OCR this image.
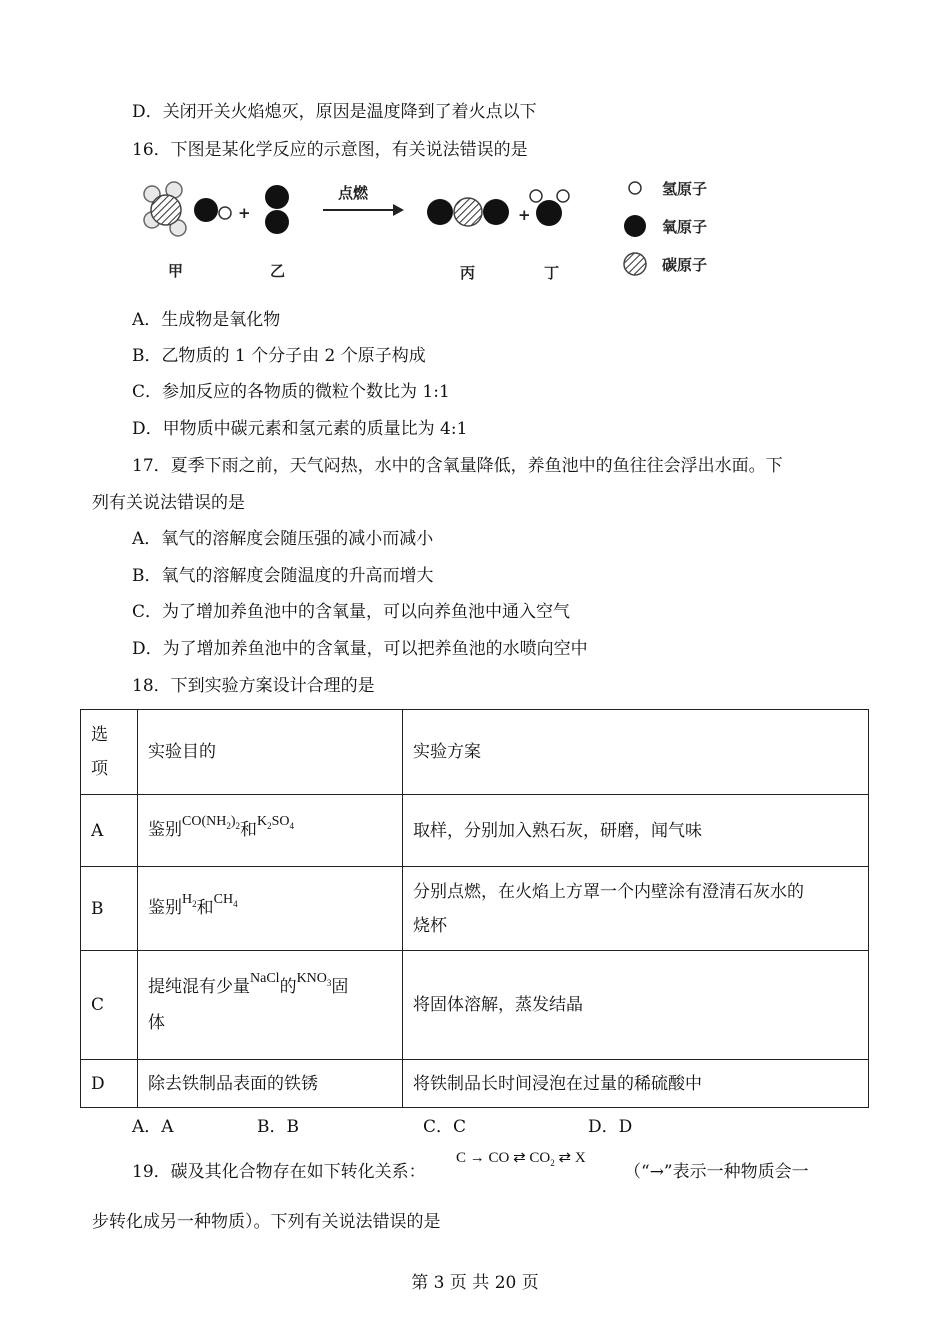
D．关闭开关火焰熄灭，原因是温度降到了着火点以下
16．下图是某化学反应的示意图，有关说法错误的是
+
点燃
+
氢原子
氧原子
碳原子
甲	乙	丙	丁
A．生成物是氧化物
B．乙物质的 1 个分子由 2 个原子构成
C．参加反应的各物质的微粒个数比为 1:1
D．甲物质中碳元素和氢元素的质量比为 4:1
17．夏季下雨之前，天气闷热，水中的含氧量降低，养鱼池中的鱼往往会浮出水面。下
列有关说法错误的是
A．氧气的溶解度会随压强的减小而减小
B．氧气的溶解度会随温度的升高而增大
C．为了增加养鱼池中的含氧量，可以向养鱼池中通入空气
D．为了增加养鱼池中的含氧量，可以把养鱼池的水喷向空中
18．下到实验方案设计合理的是
选
项	实验目的	实验方案
A	鉴别$^{CO(NH_2)_2}$和$^{K_2SO_4}$	取样，分别加入熟石灰，研磨，闻气味
B	鉴别$^{H_2}$和$^{CH_4}$	分别点燃，在火焰上方罩一个内壁涂有澄清石灰水的
烧杯
C	提纯混有少量$^{NaCl}$的$^{KNO_3}$固
体	将固体溶解，蒸发结晶
D	除去铁制品表面的铁锈	将铁制品长时间浸泡在过量的稀硫酸中
A．A	B．B	C．C	D．D
19．碳及其化合物存在如下转化关系：
C → CO ⇄ $CO_2$ ⇄ X
（“→”表示一种物质会一
步转化成另一种物质）。下列有关说法错误的是
第 3 页 共 20 页
